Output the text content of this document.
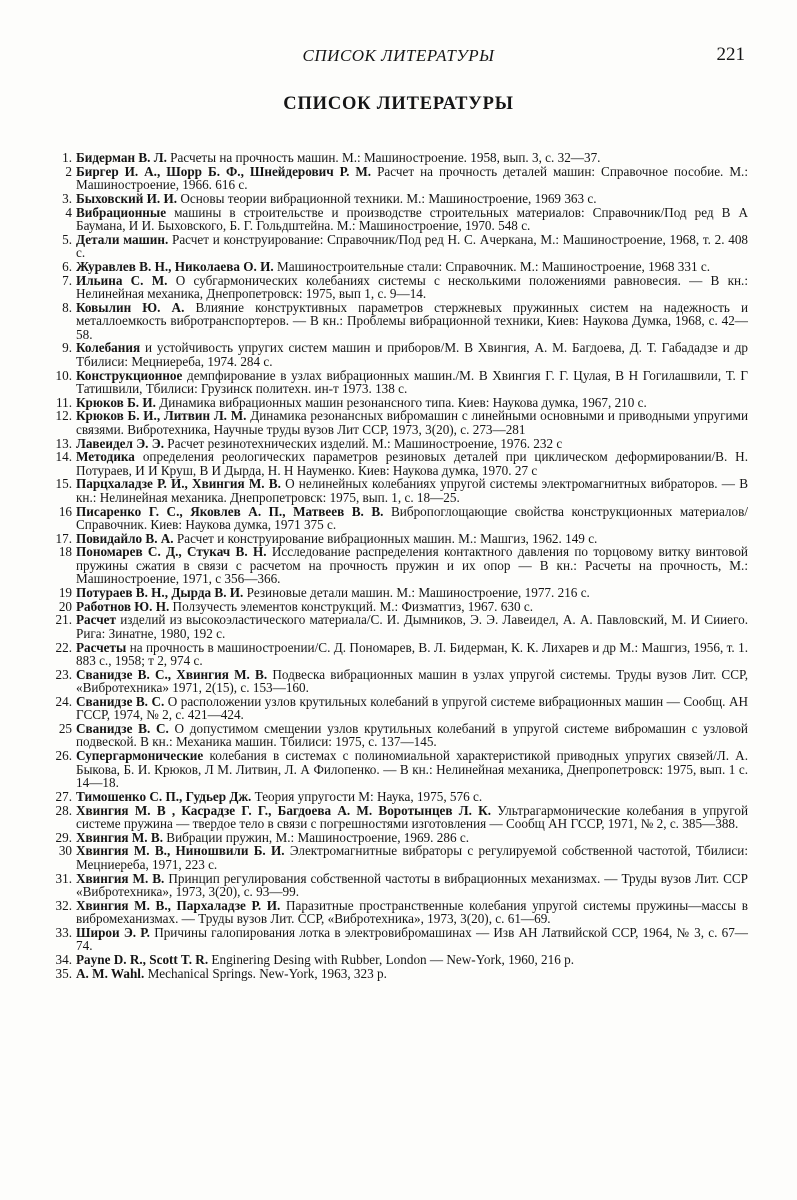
СПИСОК ЛИТЕРАТУРЫ	221
СПИСОК ЛИТЕРАТУРЫ
1. Бидерман В. Л. Расчеты на прочность машин. М.: Машиностроение. 1958, вып. 3, с. 32—37.
2 Биргер И. А., Шорр Б. Ф., Шнейдерович Р. М. Расчет на прочность деталей машин: Справочное пособие. М.: Машиностроение, 1966. 616 с.
3. Быховский И. И. Основы теории вибрационной техники. М.: Машиностроение, 1969 363 с.
4 Вибрационные машины в строительстве и производстве строительных материалов: Справочник/Под ред В А Баумана, И И. Быховского, Б. Г. Гольдштейна. М.: Машиностроение, 1970. 548 с.
5. Детали машин. Расчет и конструирование: Справочник/Под ред Н. С. Ачеркана, М.: Машиностроение, 1968, т. 2. 408 с.
6. Журавлев В. Н., Николаева О. И. Машиностроительные стали: Справочник. М.: Машиностроение, 1968 331 с.
7. Ильина С. М. О субгармонических колебаниях системы с несколькими положениями равновесия. — В кн.: Нелинейная механика, Днепропетровск: 1975, вып 1, с. 9—14.
8. Ковылин Ю. А. Влияние конструктивных параметров стержневых пружинных систем на надежность и металлоемкость вибротранспортеров. — В кн.: Проблемы вибрационной техники, Киев: Наукова Думка, 1968, с. 42—58.
9. Колебания и устойчивость упругих систем машин и приборов/М. В Хвингия, А. М. Багдоева, Д. Т. Габададзе и др Тбилиси: Мецниереба, 1974. 284 с.
10. Конструкционное демпфирование в узлах вибрационных машин./М. В Хвингия Г. Г. Цулая, В Н Гогилашвили, Т. Г Татишвили, Тбилиси: Грузинск политехн. ин-т 1973. 138 с.
11. Крюков Б. И. Динамика вибрационных машин резонансного типа. Киев: Наукова думка, 1967, 210 с.
12. Крюков Б. И., Литвин Л. М. Динамика резонансных вибромашин с линейными основными и приводными упругими связями. Вибротехника, Научные труды вузов Лит ССР, 1973, 3(20), с. 273—281
13. Лавеидел Э. Э. Расчет резинотехнических изделий. М.: Машиностроение, 1976. 232 с
14. Методика определения реологических параметров резиновых деталей при циклическом деформировании/В. Н. Потураев, И И Круш, В И Дырда, Н. Н Науменко. Киев: Наукова думка, 1970. 27 с
15. Парцхаладзе Р. И., Хвингия М. В. О нелинейных колебаниях упругой системы электромагнитных вибраторов. — В кн.: Нелинейная механика. Днепропетровск: 1975, вып. 1, с. 18—25.
16 Писаренко Г. С., Яковлев А. П., Матвеев В. В. Вибропоглощающие свойства конструкционных материалов/Справочник. Киев: Наукова думка, 1971 375 с.
17. Повидайло В. А. Расчет и конструирование вибрационных машин. М.: Машгиз, 1962. 149 с.
18 Пономарев С. Д., Стукач В. Н. Исследование распределения контактного давления по торцовому витку винтовой пружины сжатия в связи с расчетом на прочность пружин и их опор — В кн.: Расчеты на прочность, М.: Машиностроение, 1971, с 356—366.
19 Потураев В. Н., Дырда В. И. Резиновые детали машин. М.: Машиностроение, 1977. 216 с.
20 Работнов Ю. Н. Ползучесть элементов конструкций. М.: Физматгиз, 1967. 630 с.
21. Расчет изделий из высокоэластического материала/С. И. Дымников, Э. Э. Лавеидел, А. А. Павловский, М. И Сииего. Рига: Зинатне, 1980, 192 с.
22. Расчеты на прочность в машиностроении/С. Д. Пономарев, В. Л. Бидерман, К. К. Лихарев и др М.: Машгиз, 1956, т. 1. 883 с., 1958; т 2, 974 с.
23. Сванидзе В. С., Хвингия М. В. Подвеска вибрационных машин в узлах упругой системы. Труды вузов Лит. ССР, «Вибротехника» 1971, 2(15), с. 153—160.
24. Сванидзе В. С. О расположении узлов крутильных колебаний в упругой системе вибрационных машин — Сообщ. АН ГССР, 1974, № 2, с. 421—424.
25 Сванидзе В. С. О допустимом смещении узлов крутильных колебаний в упругой системе вибромашин с узловой подвеской. В кн.: Механика машин. Тбилиси: 1975, с. 137—145.
26. Супергармонические колебания в системах с полиномиальной характеристикой приводных упругих связей/Л. А. Быкова, Б. И. Крюков, Л М. Литвин, Л. А Филопенко. — В кн.: Нелинейная механика, Днепропетровск: 1975, вып. 1 с. 14—18.
27. Тимошенко С. П., Гудьер Дж. Теория упругости М: Наука, 1975, 576 с.
28. Хвингия М. В , Касрадзе Г. Г., Багдоева А. М. Воротынцев Л. К. Ультрагармонические колебания в упругой системе пружина — твердое тело в связи с погрешностями изготовления — Сообщ АН ГССР, 1971, № 2, с. 385—388.
29. Хвингия М. В. Вибрации пружин, М.: Машиностроение, 1969. 286 с.
30 Хвингия М. В., Ниношвили Б. И. Электромагнитные вибраторы с регулируемой собственной частотой, Тбилиси: Мецниереба, 1971, 223 с.
31. Хвингия М. В. Принцип регулирования собственной частоты в вибрационных механизмах. — Труды вузов Лит. ССР «Вибротехника», 1973, 3(20), с. 93—99.
32. Хвингия М. В., Пархаладзе Р. И. Паразитные пространственные колебания упругой системы пружины—массы в вибромеханизмах. — Труды вузов Лит. ССР, «Вибротехника», 1973, 3(20), с. 61—69.
33. Широи Э. Р. Причины галопирования лотка в электровибромашинах — Изв АН Латвийской ССР, 1964, № 3, с. 67—74.
34. Payne D. R., Scott T. R. Enginering Desing with Rubber, London — New-York, 1960, 216 p.
35. A. M. Wahl. Mechanical Springs. New-York, 1963, 323 p.
